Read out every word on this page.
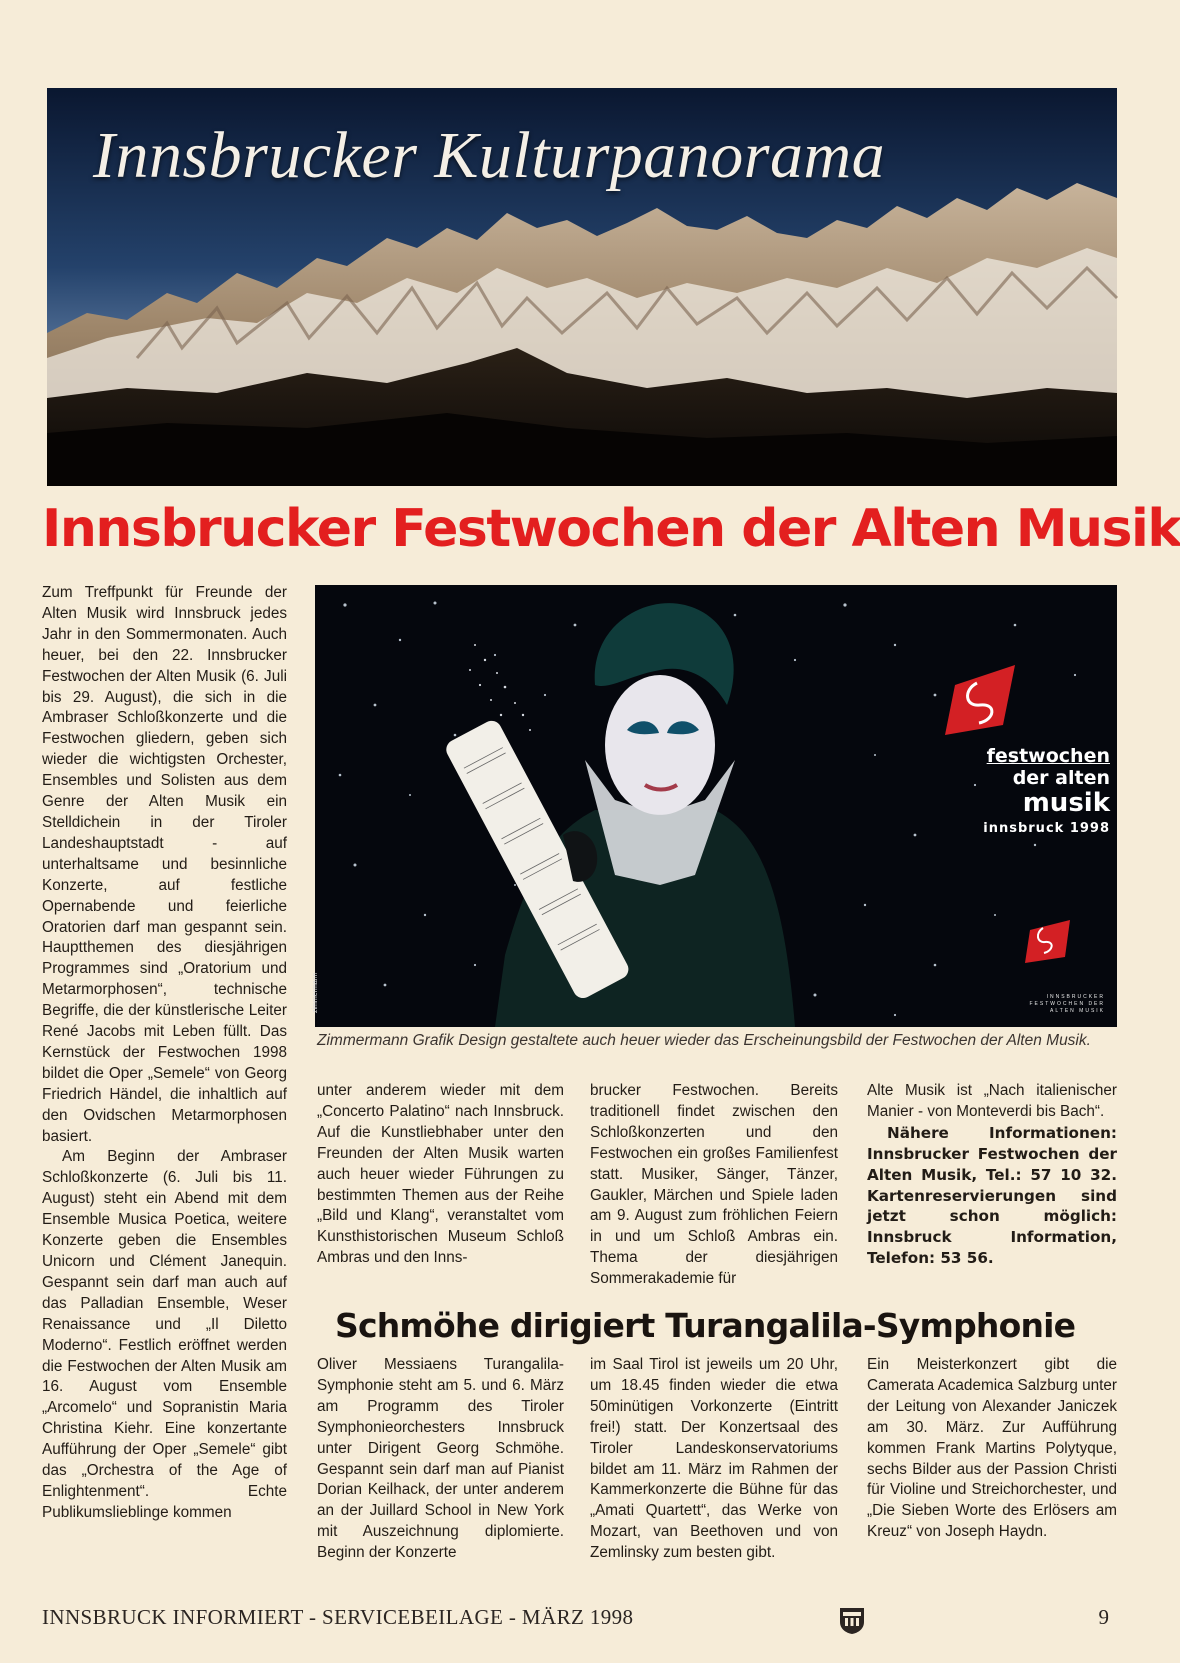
Innsbrucker Kulturpanorama
Innsbrucker Festwochen der Alten Musik

Zum Treffpunkt für Freunde der Alten Musik wird Innsbruck jedes Jahr in den Sommermonaten. Auch heuer, bei den 22. Innsbrucker Festwochen der Alten Musik (6. Juli bis 29. August), die sich in die Ambraser Schloßkonzerte und die Festwochen gliedern, geben sich wieder die wichtigsten Orchester, Ensembles und Solisten aus dem Genre der Alten Musik ein Stelldichein in der Tiroler Landeshauptstadt - auf unterhaltsame und besinnliche Konzerte, auf festliche Opernabende und feierliche Oratorien darf man gespannt sein. Hauptthemen des diesjährigen Programmes sind „Oratorium und Metarmorphosen“, technische Begriffe, die der künstlerische Leiter René Jacobs mit Leben füllt. Das Kernstück der Festwochen 1998 bildet die Oper „Semele“ von Georg Friedrich Händel, die inhaltlich auf den Ovidschen Metarmorphosen basiert.

Am Beginn der Ambraser Schloßkonzerte (6. Juli bis 11. August) steht ein Abend mit dem Ensemble Musica Poetica, weitere Konzerte geben die Ensembles Unicorn und Clément Janequin. Gespannt sein darf man auch auf das Palladian Ensemble, Weser Renaissance und „Il Diletto Moderno“. Festlich eröffnet werden die Festwochen der Alten Musik am 16. August vom Ensemble „Arcomelo“ und Sopranistin Maria Christina Kiehr. Eine konzertante Aufführung der Oper „Semele“ gibt das „Orchestra of the Age of Enlightenment“. Echte Publikumslieblinge kommen

festwochen
der alten
musik
innsbruck 1998
INNSBRUCKER FESTWOCHEN DER ALTEN MUSIK
zimmermann
Zimmermann Grafik Design gestaltete auch heuer wieder das Erscheinungsbild der Festwochen der Alten Musik.

unter anderem wieder mit dem „Concerto Palatino“ nach Innsbruck. Auf die Kunstliebhaber unter den Freunden der Alten Musik warten auch heuer wieder Führungen zu bestimmten Themen aus der Reihe „Bild und Klang“, veranstaltet vom Kunsthistorischen Museum Schloß Ambras und den Inns-

brucker Festwochen. Bereits traditionell findet zwischen den Schloßkonzerten und den Festwochen ein großes Familienfest statt. Musiker, Sänger, Tänzer, Gaukler, Märchen und Spiele laden am 9. August zum fröhlichen Feiern in und um Schloß Ambras ein. Thema der diesjährigen Sommerakademie für

Alte Musik ist „Nach italienischer Manier - von Monteverdi bis Bach“.

Nähere Informationen: Innsbrucker Festwochen der Alten Musik, Tel.: 57 10 32. Kartenreservierungen sind jetzt schon möglich: Innsbruck Information, Telefon: 53 56.

Schmöhe dirigiert Turangalila-Symphonie

Oliver Messiaens Turangalila-Symphonie steht am 5. und 6. März am Programm des Tiroler Symphonieorchesters Innsbruck unter Dirigent Georg Schmöhe. Gespannt sein darf man auf Pianist Dorian Keilhack, der unter anderem an der Juillard School in New York mit Auszeichnung diplomierte. Beginn der Konzerte

im Saal Tirol ist jeweils um 20 Uhr, um 18.45 finden wieder die etwa 50minütigen Vorkonzerte (Eintritt frei!) statt. Der Konzertsaal des Tiroler Landeskonservatoriums bildet am 11. März im Rahmen der Kammerkonzerte die Bühne für das „Amati Quartett“, das Werke von Mozart, van Beethoven und von Zemlinsky zum besten gibt.

Ein Meisterkonzert gibt die Camerata Academica Salzburg unter der Leitung von Alexander Janiczek am 30. März. Zur Aufführung kommen Frank Martins Polytyque, sechs Bilder aus der Passion Christi für Violine und Streichorchester, und „Die Sieben Worte des Erlösers am Kreuz“ von Joseph Haydn.

INNSBRUCK INFORMIERT - SERVICEBEILAGE - MÄRZ 1998	9
